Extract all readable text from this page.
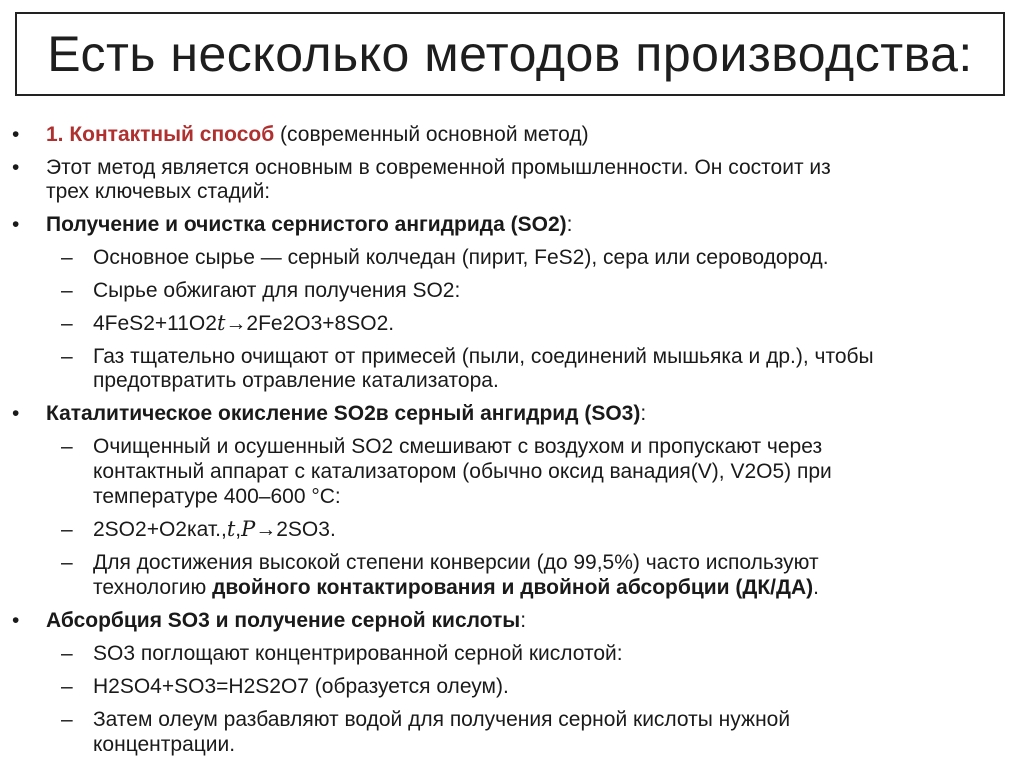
Есть несколько методов производства:
• 1. Контактный способ (современный основной метод)
• Этот метод является основным в современной промышленности. Он состоит из
трех ключевых стадий:
• Получение и очистка сернистого ангидрида (SO2):
– Основное сырье — серный колчедан (пирит, FeS2), сера или сероводород.
– Сырье обжигают для получения SO2:
– 4FeS2+11O2t→2Fe2O3+8SO2.
– Газ тщательно очищают от примесей (пыли, соединений мышьяка и др.), чтобы
предотвратить отравление катализатора.
• Каталитическое окисление SO2в серный ангидрид (SO3):
– Очищенный и осушенный SO2 смешивают с воздухом и пропускают через
контактный аппарат с катализатором (обычно оксид ванадия(V), V2O5) при
температуре 400–600 °C:
– 2SO2+O2кат.,t,P→2SO3.
– Для достижения высокой степени конверсии (до 99,5%) часто используют
технологию двойного контактирования и двойной абсорбции (ДК/ДА).
• Абсорбция SO3 и получение серной кислоты:
– SO3 поглощают концентрированной серной кислотой:
– H2SO4+SO3=H2S2O7 (образуется олеум).
– Затем олеум разбавляют водой для получения серной кислоты нужной
концентрации.
